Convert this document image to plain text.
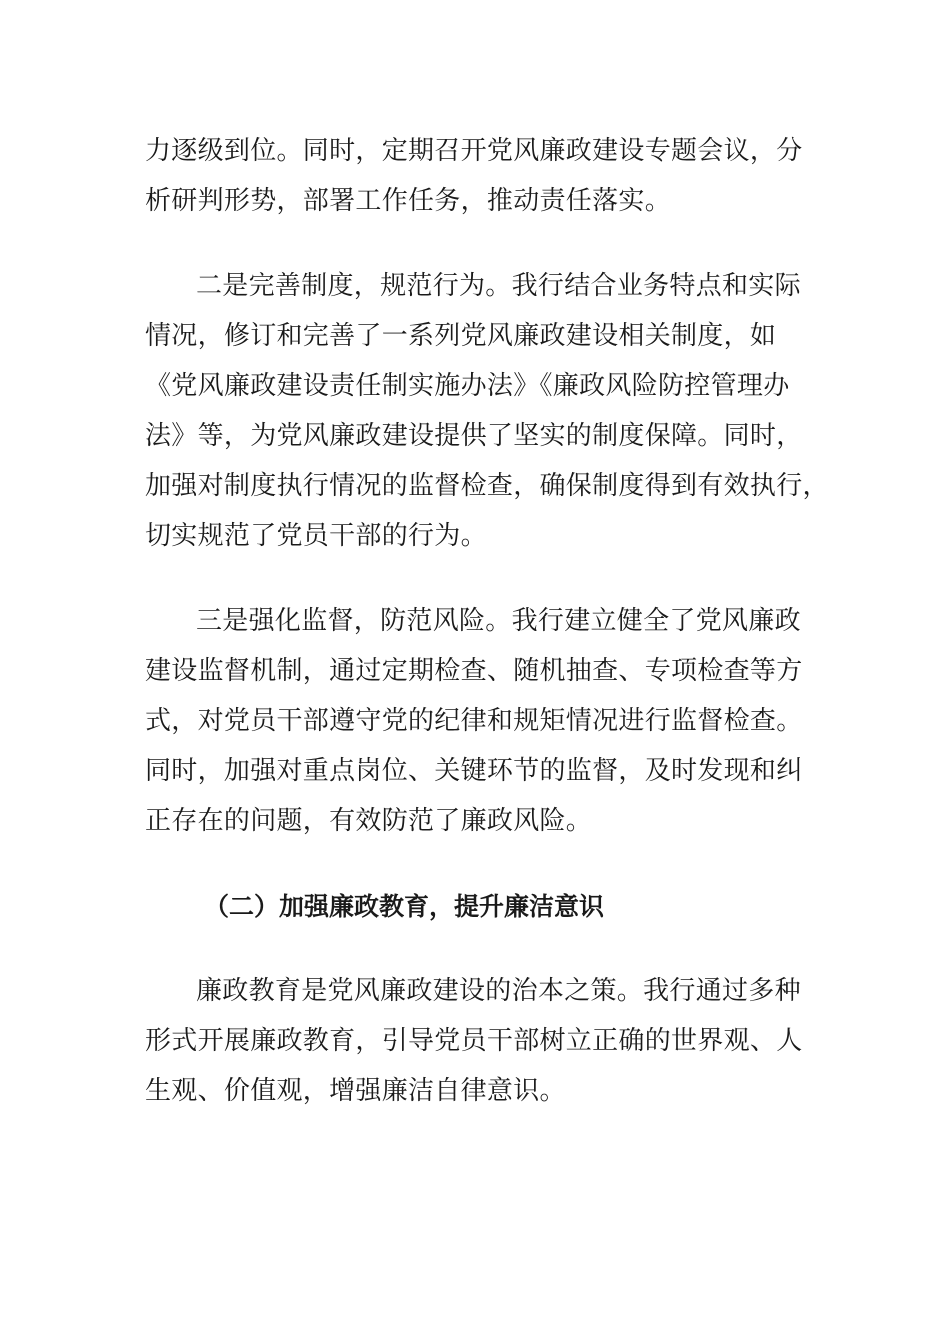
力逐级到位。同时，定期召开党风廉政建设专题会议，分
析研判形势，部署工作任务，推动责任落实。
二是完善制度，规范行为。我行结合业务特点和实际
情况，修订和完善了一系列党风廉政建设相关制度，如
《党风廉政建设责任制实施办法》《廉政风险防控管理办
法》等，为党风廉政建设提供了坚实的制度保障。同时，
加强对制度执行情况的监督检查，确保制度得到有效执行，
切实规范了党员干部的行为。
三是强化监督，防范风险。我行建立健全了党风廉政
建设监督机制，通过定期检查、随机抽查、专项检查等方
式，对党员干部遵守党的纪律和规矩情况进行监督检查。
同时，加强对重点岗位、关键环节的监督，及时发现和纠
正存在的问题，有效防范了廉政风险。
（二）加强廉政教育，提升廉洁意识
廉政教育是党风廉政建设的治本之策。我行通过多种
形式开展廉政教育，引导党员干部树立正确的世界观、人
生观、价值观，增强廉洁自律意识。
